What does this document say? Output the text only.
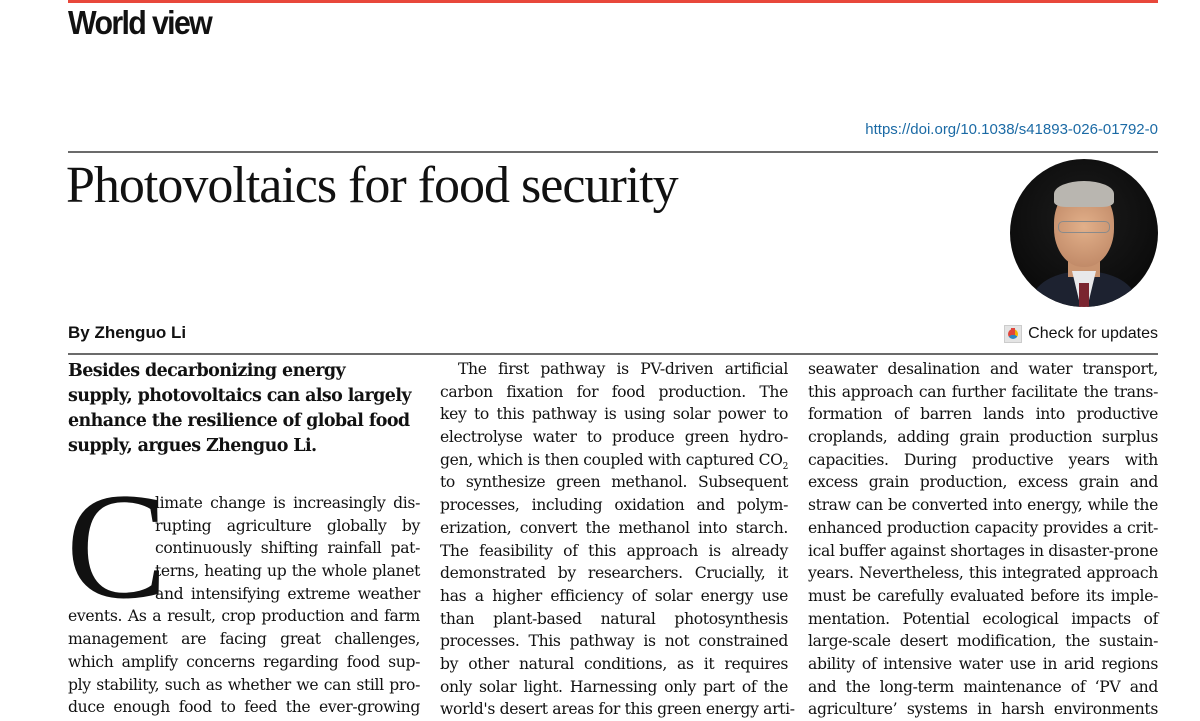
World view
https://doi.org/10.1038/s41893-026-01792-0
Photovoltaics for food security
By Zhenguo Li	Check for updates
Besides decarbonizing energy
supply, photovoltaics can also largely
enhance the resilience of global food
supply, argues Zhenguo Li.
C
limate change is increasingly dis-
rupting agriculture globally by
continuously shifting rainfall pat-
terns, heating up the whole planet
and intensifying extreme weather
events. As a result, crop production and farm
management are facing great challenges,
which amplify concerns regarding food sup-
ply stability, such as whether we can still pro-
duce enough food to feed the ever-growing
The first pathway is PV-driven artificial
carbon fixation for food production. The
key to this pathway is using solar power to
electrolyse water to produce green hydro-
gen, which is then coupled with captured $CO_2$
to synthesize green methanol. Subsequent
processes, including oxidation and polym-
erization, convert the methanol into starch.
The feasibility of this approach is already
demonstrated by researchers. Crucially, it
has a higher efficiency of solar energy use
than plant-based natural photosynthesis
processes. This pathway is not constrained
by other natural conditions, as it requires
only solar light. Harnessing only part of the
world's desert areas for this green energy arti-
seawater desalination and water transport,
this approach can further facilitate the trans-
formation of barren lands into productive
croplands, adding grain production surplus
capacities. During productive years with
excess grain production, excess grain and
straw can be converted into energy, while the
enhanced production capacity provides a crit-
ical buffer against shortages in disaster-prone
years. Nevertheless, this integrated approach
must be carefully evaluated before its imple-
mentation. Potential ecological impacts of
large-scale desert modification, the sustain-
ability of intensive water use in arid regions
and the long-term maintenance of ‘PV and
agriculture’ systems in harsh environments
